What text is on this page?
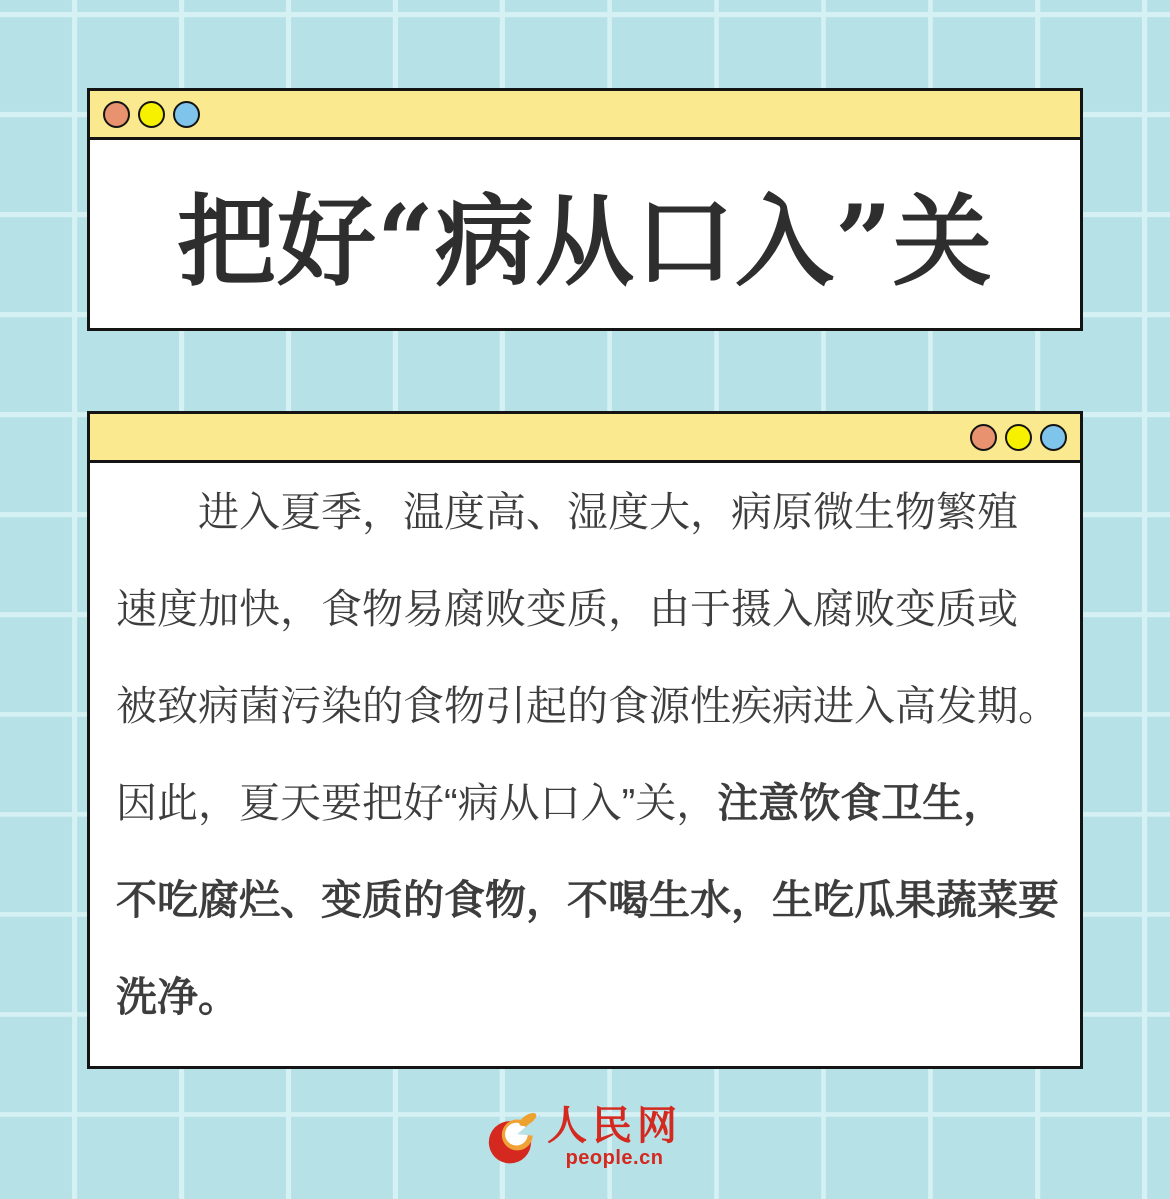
把好“病从口入”关
进入夏季，温度高、湿度大，病原微生物繁殖
速度加快，食物易腐败变质，由于摄入腐败变质或
被致病菌污染的食物引起的食源性疾病进入高发期。
因此，夏天要把好“病从口入”关，注意饮食卫生，
不吃腐烂、变质的食物，不喝生水，生吃瓜果蔬菜要
洗净。
人民网
people.cn
